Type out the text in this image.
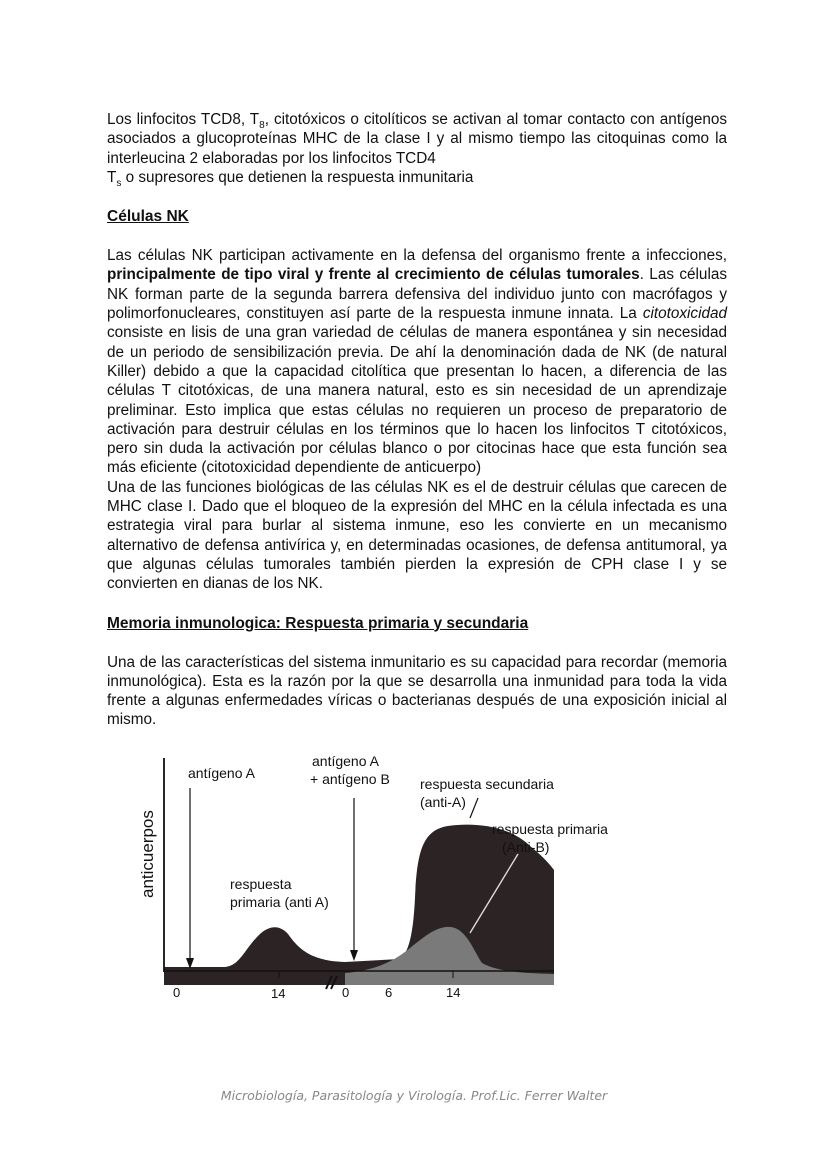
Los linfocitos TCD8, $T_8$, citotóxicos o citolíticos se activan al tomar contacto con antígenos asociados a glucoproteínas MHC de la clase I y al mismo tiempo las citoquinas como la interleucina 2 elaboradas por los linfocitos TCD4

$T_s$ o supresores que detienen la respuesta inmunitaria

Células NK

Las células NK participan activamente en la defensa del organismo frente a infecciones, principalmente de tipo viral y frente al crecimiento de células tumorales. Las células NK forman parte de la segunda barrera defensiva del individuo junto con macrófagos y polimorfonucleares, constituyen así parte de la respuesta inmune innata. La citotoxicidad consiste en lisis de una gran variedad de células de manera espontánea y sin necesidad de un periodo de sensibilización previa. De ahí la denominación dada de NK (de natural Killer) debido a que la capacidad citolítica que presentan lo hacen, a diferencia de las células T citotóxicas, de una manera natural, esto es sin necesidad de un aprendizaje preliminar. Esto implica que estas células no requieren un proceso de preparatorio de activación para destruir células en los términos que lo hacen los linfocitos T citotóxicos, pero sin duda la activación por células blanco o por citocinas hace que esta función sea más eficiente (citotoxicidad dependiente de anticuerpo)

Una de las funciones biológicas de las células NK es el de destruir células que carecen de MHC clase I. Dado que el bloqueo de la expresión del MHC en la célula infectada es una estrategia viral para burlar al sistema inmune, eso les convierte en un mecanismo alternativo de defensa antivírica y, en determinadas ocasiones, de defensa antitumoral, ya que algunas células tumorales también pierden la expresión de CPH clase I y se convierten en dianas de los NK.

Memoria inmunologica: Respuesta primaria y secundaria

Una de las características del sistema inmunitario es su capacidad para recordar (memoria inmunológica). Esta es la razón por la que se desarrolla una inmunidad para toda la vida frente a algunas enfermedades víricas o bacterianas después de una exposición inicial al mismo.

anticuerpos
antígeno A
antígeno A
+ antígeno B
respuesta
primaria (anti A)
respuesta secundaria
(anti-A)
respuesta primaria
(Anti-B)
0	14	0	6	14
Microbiología, Parasitología y Virología. Prof.Lic. Ferrer Walter
